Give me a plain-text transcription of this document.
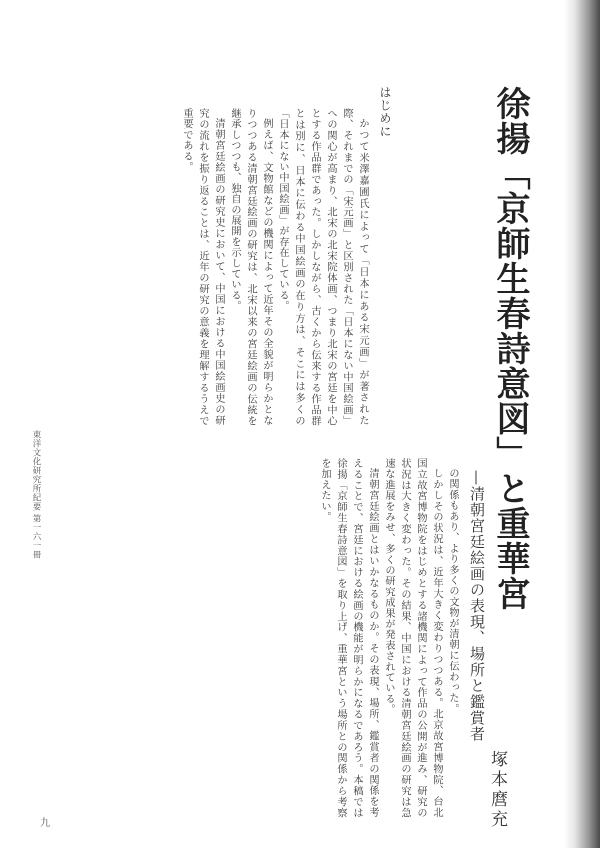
徐揚「京師生春詩意図」と重華宮
—清朝宮廷絵画の表現、場所と鑑賞者
塚本麿充
はじめに

かつて米澤嘉圃氏によって「日本にある宋元画」が著された際、それまでの「宋元画」と区別された「日本にない中国絵画」への関心が高まり、北宋の北宋院体画、つまり北宋の宮廷を中心とする作品群であった。しかしながら、古くから伝来する作品群とは別に、日本に伝わる中国絵画の在り方は、そこには多くの「日本にない中国絵画」が存在している。

例えば、文物館などの機関によって近年その全貌が明らかとなりつつある清朝宮廷絵画の研究は、北宋以来の宮廷絵画の伝統を継承しつつも、独自の展開を示している。

清朝宮廷絵画の研究史において、中国における中国絵画史の研究の流れを振り返ることは、近年の研究の意義を理解するうえで重要である。

の関係もあり、より多くの文物が清朝に伝わった。

しかしその状況は、近年大きく変わりつつある。北京故宮博物院、台北国立故宮博物院をはじめとする諸機関によって作品の公開が進み、研究の状況は大きく変わった。その結果、中国における清朝宮廷絵画の研究は急速な進展をみせ、多くの研究成果が発表されている。

清朝宮廷絵画とはいかなるものか。その表現、場所、鑑賞者の関係を考えることで、宮廷における絵画の機能が明らかになるであろう。本稿では徐揚「京師生春詩意図」を取り上げ、重華宮という場所との関係から考察を加えたい。

東洋文化研究所紀要 第一六一冊
九
